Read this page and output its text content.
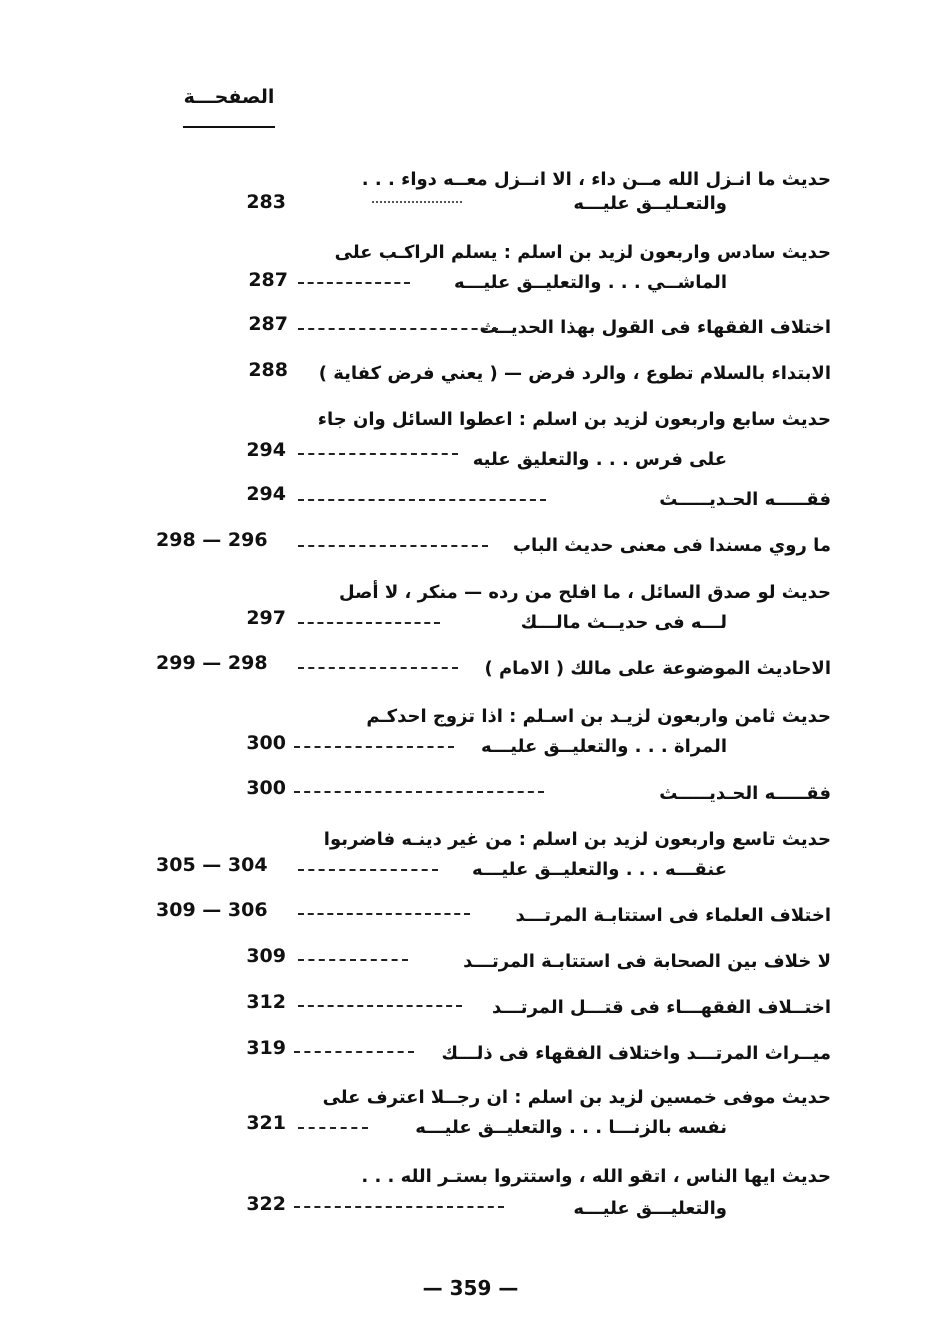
الصفحـــة
حديث ما انـزل الله مــن داء ، الا انــزل معــه دواء . . .
والتعـليــق عليـــه
283
حديث سادس واربعون لزيد بن اسلم : يسلم الراكـب على
الماشــي . . . والتعليــق عليـــه
287
اختلاف الفقهاء فى القول بهذا الحديــث
287
الابتداء بالسلام تطوع ، والرد فرض — ( يعني فرض كفاية )
288
حديث سابع واربعون لزيد بن اسلم : اعطوا السائل وان جاء
على فرس . . . والتعليق عليه
294
فقـــــه الحـديـــــث
294
ما روي مسندا فى معنى حديث الباب
296 — 298
حديث لو صدق السائل ، ما افلح من رده — منكر ، لا أصل
لـــه فى حديــث مالـــك
297
الاحاديث الموضوعة على مالك ( الامام )
298 — 299
حديث ثامن واربعون لزيـد بن اسـلم : اذا تزوج احدكـم
المراة . . . والتعليــق عليـــه
300
فقـــــه الحـديـــــث
300
حديث تاسع واربعون لزيد بن اسلم : من غير دينـه فاضربوا
عنقـــه . . . والتعليــق عليـــه
304 — 305
اختلاف العلماء فى استتابـة المرتـــد
306 — 309
لا خلاف بين الصحابة فى استتابـة المرتـــد
309
اختــلاف الفقهـــاء فى قتـــل المرتـــد
312
ميــراث المرتـــد واختلاف الفقهاء فى ذلـــك
319
حديث موفى خمسين لزيد بن اسلم : ان رجــلا اعترف على
نفسه بالزنـــا . . . والتعليــق عليـــه
321
حديث ايها الناس ، اتقو الله ، واستتروا بستـر الله . . .
والتعليـــق عليـــه
322
— 359 —
